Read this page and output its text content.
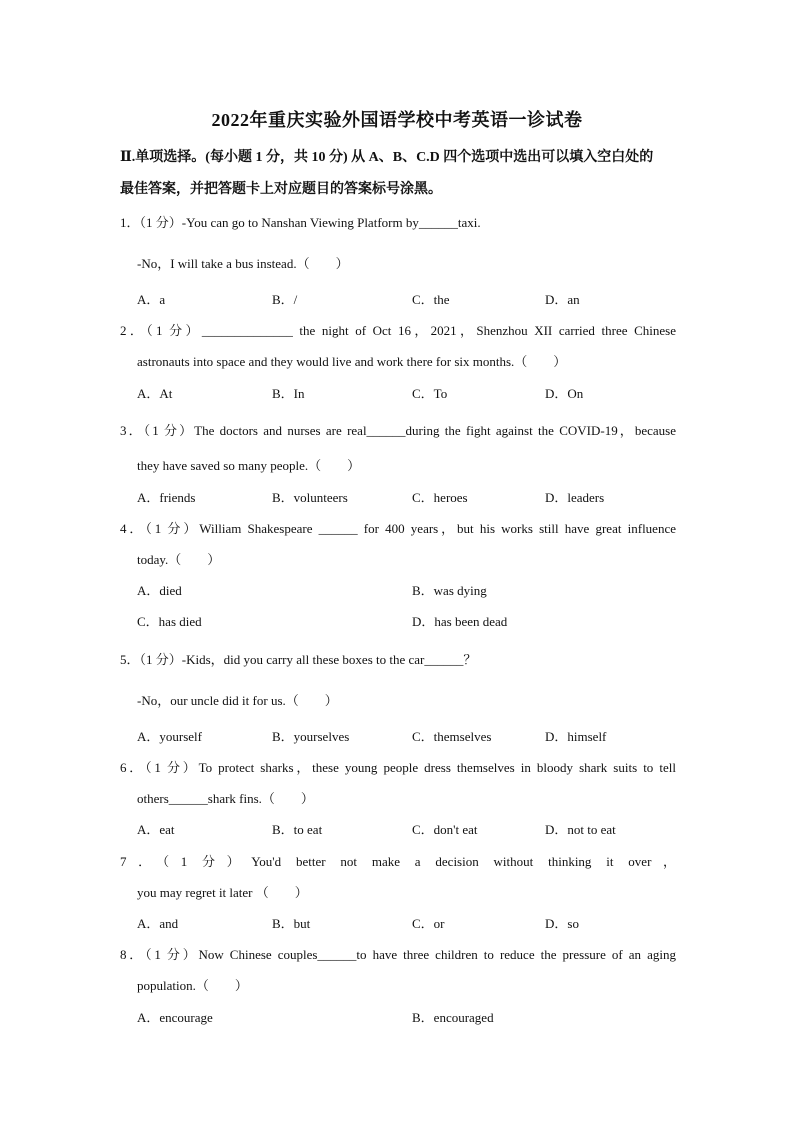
2022年重庆实验外国语学校中考英语一诊试卷
Ⅱ.单项选择。(每小题 1 分，共 10 分) 从 A、B、C.D 四个选项中选出可以填入空白处的
最佳答案，并把答题卡上对应题目的答案标号涂黑。
1．（1 分）-You can go to Nanshan Viewing Platform by______taxi.
-No，I will take a bus instead.（　　）
A．a	B．/	C．the	D．an
2．（1 分）______________ the night of Oct 16，2021，Shenzhou XII carried three Chinese
astronauts into space and they would live and work there for six months.（　　）
A．At	B．In	C．To	D．On
3．（1 分）The doctors and nurses are real______during the fight against the COVID-19，because
they have saved so many people.（　　）
A．friends	B．volunteers	C．heroes	D．leaders
4．（1 分）William Shakespeare ______ for 400 years，but his works still have great influence
today.（　　）
A．died	B．was dying
C．has died	D．has been dead
5．（1 分）-Kids，did you carry all these boxes to the car______？
-No，our uncle did it for us.（　　）
A．yourself	B．yourselves	C．themselves	D．himself
6．（1 分）To protect sharks，these young people dress themselves in bloody shark suits to tell
others______shark fins.（　　）
A．eat	B．to eat	C．don't eat	D．not to eat
7．（1 分）You'd better not make a decision without thinking it over，
you may regret it later （　　）
A．and	B．but	C．or	D．so
8．（1 分）Now Chinese couples______to have three children to reduce the pressure of an aging
population.（　　）
A．encourage	B．encouraged
